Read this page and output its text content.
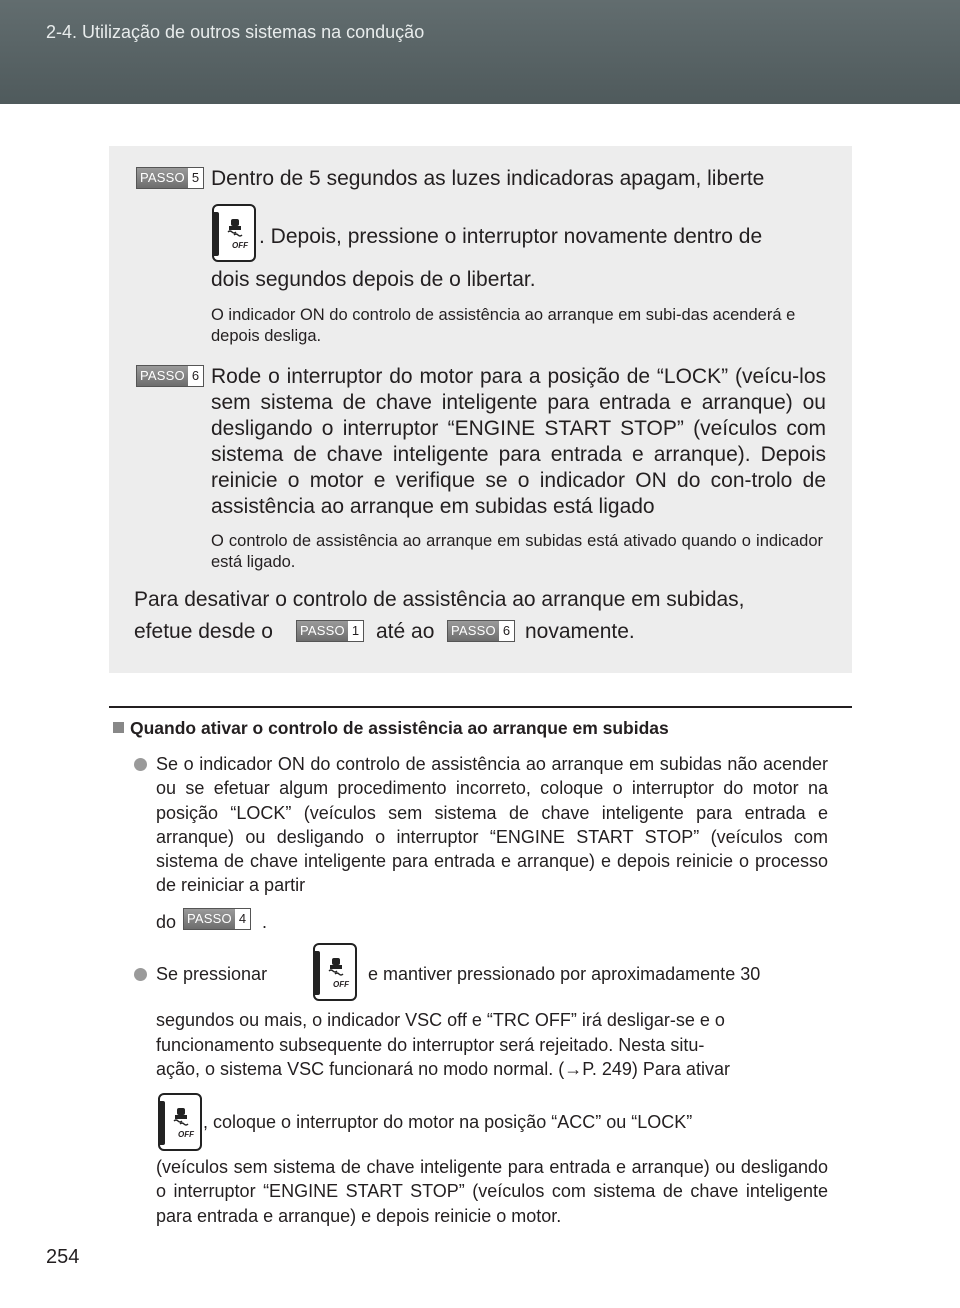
2-4. Utilização de outros sistemas na condução
PASSO 5 Dentro de 5 segundos as luzes indicadoras apagam, liberte
OFF . Depois, pressione o interruptor novamente dentro de
dois segundos depois de o libertar.
O indicador ON do controlo de assistência ao arranque em subi-das acenderá e depois desliga.
PASSO 6 Rode o interruptor do motor para a posição de “LOCK” (veícu-los sem sistema de chave inteligente para entrada e arranque) ou desligando o interruptor “ENGINE START STOP” (veículos com sistema de chave inteligente para entrada e arranque). Depois reinicie o motor e verifique se o indicador ON do con-trolo de assistência ao arranque em subidas está ligado
O controlo de assistência ao arranque em subidas está ativado quando o indicador está ligado.
Para desativar o controlo de assistência ao arranque em subidas,
efetue desde o PASSO 1 até ao PASSO 6 novamente.
Quando ativar o controlo de assistência ao arranque em subidas
Se o indicador ON do controlo de assistência ao arranque em subidas não acender ou se efetuar algum procedimento incorreto, coloque o interruptor do motor na posição “LOCK” (veículos sem sistema de chave inteligente para entrada e arranque) ou desligando o interruptor “ENGINE START STOP” (veículos com sistema de chave inteligente para entrada e arranque) e depois reinicie o processo de reiniciar a partir
do PASSO 4 .
Se pressionar
OFF
e mantiver pressionado por aproximadamente 30
segundos ou mais, o indicador VSC off e “TRC OFF” irá desligar-se e o
funcionamento subsequente do interruptor será rejeitado. Nesta situ-
ação, o sistema VSC funcionará no modo normal. (→P. 249) Para ativar
OFF
, coloque o interruptor do motor na posição “ACC” ou “LOCK”
(veículos sem sistema de chave inteligente para entrada e arranque) ou desligando o interruptor “ENGINE START STOP” (veículos com sistema de chave inteligente para entrada e arranque) e depois reinicie o motor.
254
